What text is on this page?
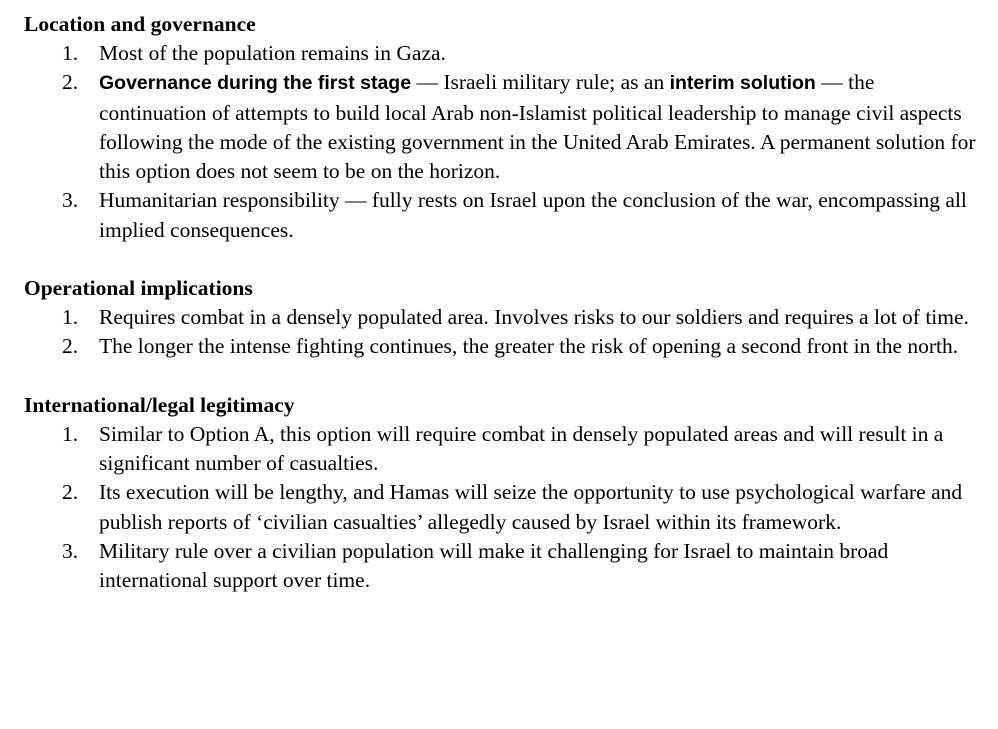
Location and governance
1. Most of the population remains in Gaza.
2. Governance during the first stage — Israeli military rule; as an interim solution — the continuation of attempts to build local Arab non-Islamist political leadership to manage civil aspects following the mode of the existing government in the United Arab Emirates. A permanent solution for this option does not seem to be on the horizon.
3. Humanitarian responsibility — fully rests on Israel upon the conclusion of the war, encompassing all implied consequences.
Operational implications
1. Requires combat in a densely populated area. Involves risks to our soldiers and requires a lot of time.
2. The longer the intense fighting continues, the greater the risk of opening a second front in the north.
International/legal legitimacy
1. Similar to Option A, this option will require combat in densely populated areas and will result in a significant number of casualties.
2. Its execution will be lengthy, and Hamas will seize the opportunity to use psychological warfare and publish reports of ‘civilian casualties’ allegedly caused by Israel within its framework.
3. Military rule over a civilian population will make it challenging for Israel to maintain broad international support over time.
